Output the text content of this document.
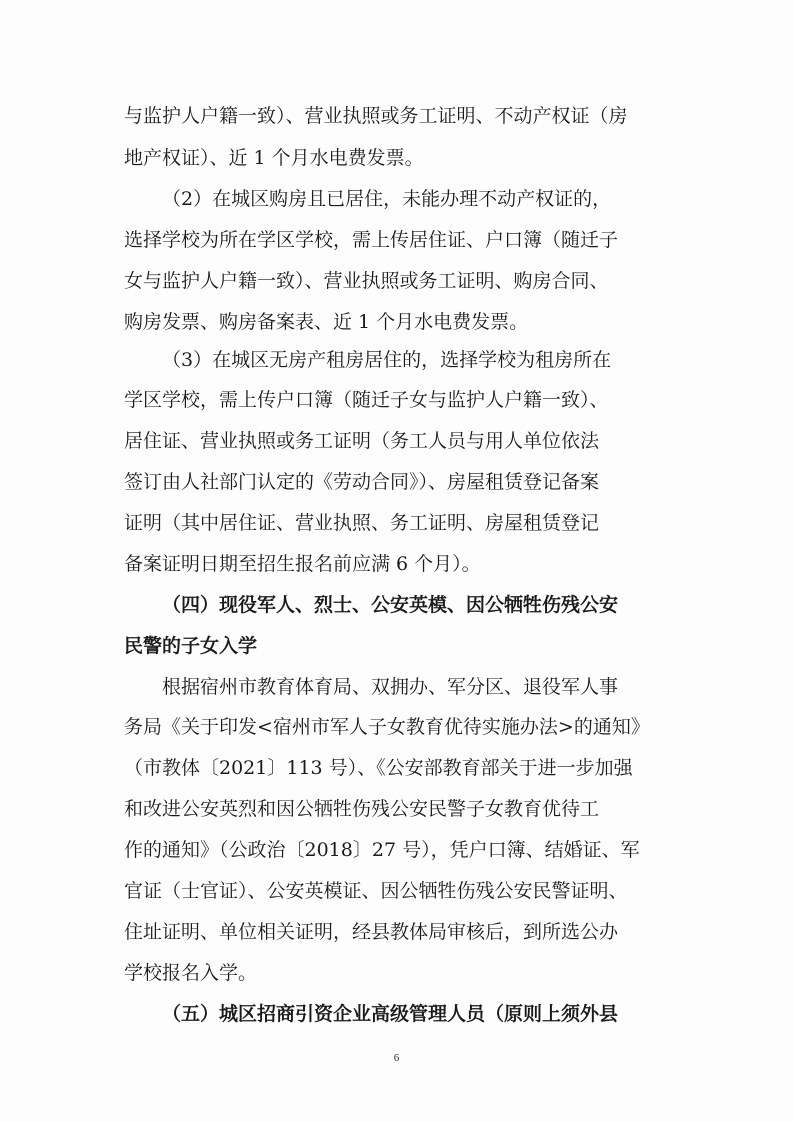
与监护人户籍一致）、营业执照或务工证明、不动产权证（房
地产权证）、近 1 个月水电费发票。
（2）在城区购房且已居住，未能办理不动产权证的，
选择学校为所在学区学校，需上传居住证、户口簿（随迁子
女与监护人户籍一致）、营业执照或务工证明、购房合同、
购房发票、购房备案表、近 1 个月水电费发票。
（3）在城区无房产租房居住的，选择学校为租房所在
学区学校，需上传户口簿（随迁子女与监护人户籍一致）、
居住证、营业执照或务工证明（务工人员与用人单位依法
签订由人社部门认定的《劳动合同》）、房屋租赁登记备案
证明（其中居住证、营业执照、务工证明、房屋租赁登记
备案证明日期至招生报名前应满 6 个月）。
（四）现役军人、烈士、公安英模、因公牺牲伤残公安
民警的子女入学
根据宿州市教育体育局、双拥办、军分区、退役军人事
务局《关于印发<宿州市军人子女教育优待实施办法>的通知》
（市教体〔2021〕113 号）、《公安部教育部关于进一步加强
和改进公安英烈和因公牺牲伤残公安民警子女教育优待工
作的通知》（公政治〔2018〕27 号），凭户口簿、结婚证、军
官证（士官证）、公安英模证、因公牺牲伤残公安民警证明、
住址证明、单位相关证明，经县教体局审核后，到所选公办
学校报名入学。
（五）城区招商引资企业高级管理人员（原则上须外县
6
